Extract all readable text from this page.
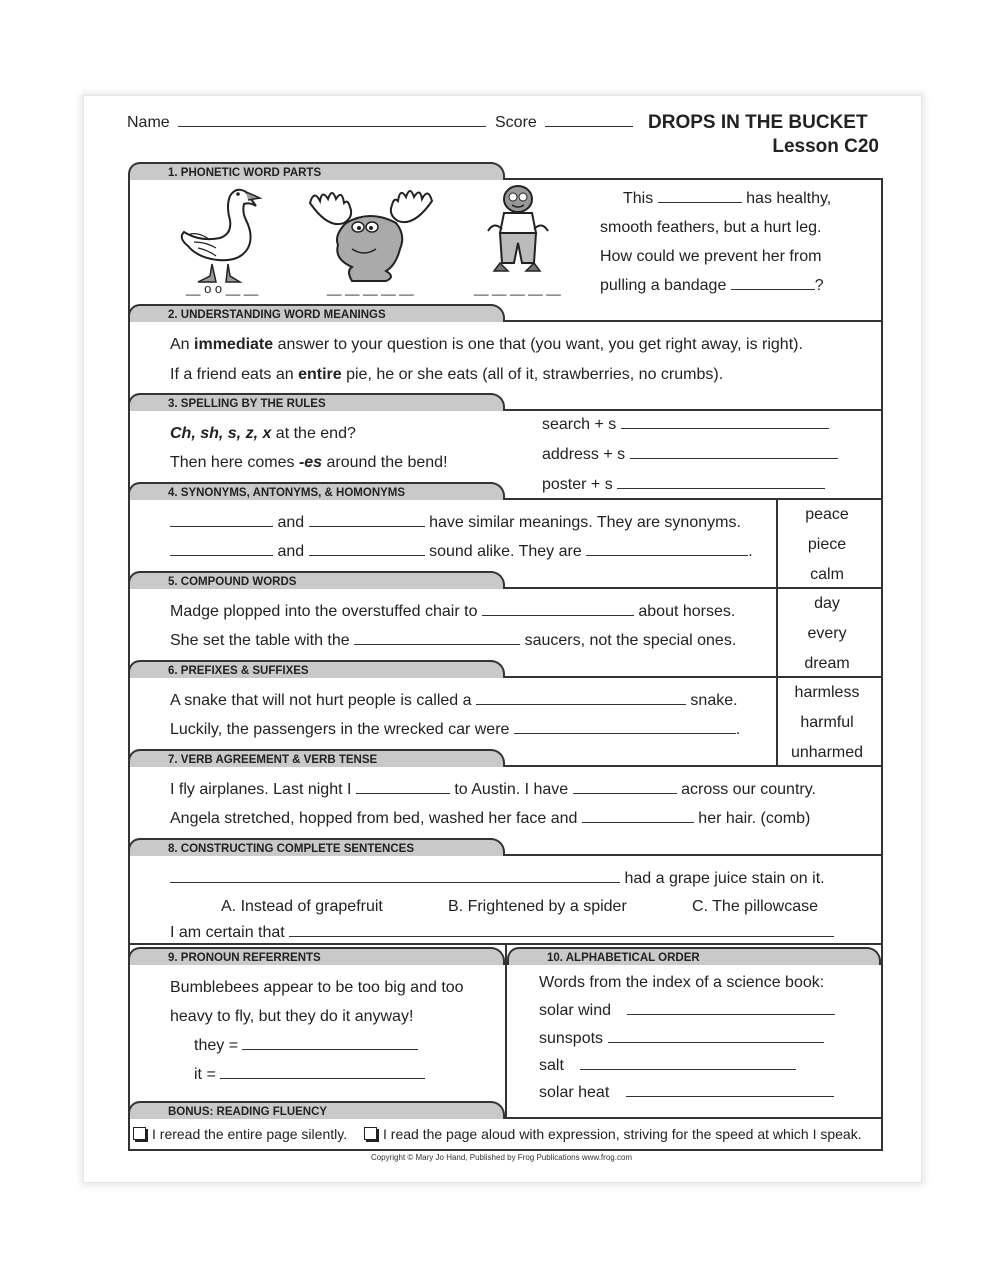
Name	Score	DROPS IN THE BUCKET
Lesson C20
1. PHONETIC WORD PARTS
2. UNDERSTANDING WORD MEANINGS
3. SPELLING BY THE RULES
4. SYNONYMS, ANTONYMS, & HOMONYMS
5. COMPOUND WORDS
6. PREFIXES & SUFFIXES
7. VERB AGREEMENT & VERB TENSE
8. CONSTRUCTING COMPLETE SENTENCES
9. PRONOUN REFERRENTS	10. ALPHABETICAL ORDER
BONUS: READING FLUENCY
__ o o __ __	__ __ __ __ __	__ __ __ __ __
This	has healthy,
smooth feathers, but a hurt leg.
How could we prevent her from
pulling a bandage	?
An immediate answer to your question is one that (you want, you get right away, is right).
If a friend eats an entire pie, he or she eats (all of it, strawberries, no crumbs).
Ch, sh, s, z, x at the end?
Then here comes -es around the bend!
search + s
address + s
poster + s
and	have similar meanings. They are synonyms.
and	sound alike. They are	.
peace
piece
calm
Madge plopped into the overstuffed chair to	about horses.
She set the table with the	saucers, not the special ones.
day
every
dream
A snake that will not hurt people is called a	snake.
Luckily, the passengers in the wrecked car were	.
harmless
harmful
unharmed
I fly airplanes. Last night I	to Austin. I have	across our country.
Angela stretched, hopped from bed, washed her face and	her hair. (comb)
had a grape juice stain on it.
A. Instead of grapefruit	B. Frightened by a spider	C. The pillowcase
I am certain that
Bumblebees appear to be too big and too
heavy to fly, but they do it anyway!
they =
it =
Words from the index of a science book:
solar wind
sunspots
salt
solar heat
I reread the entire page silently.	I read the page aloud with expression, striving for the speed at which I speak.
Copyright © Mary Jo Hand, Published by Frog Publications www.frog.com
